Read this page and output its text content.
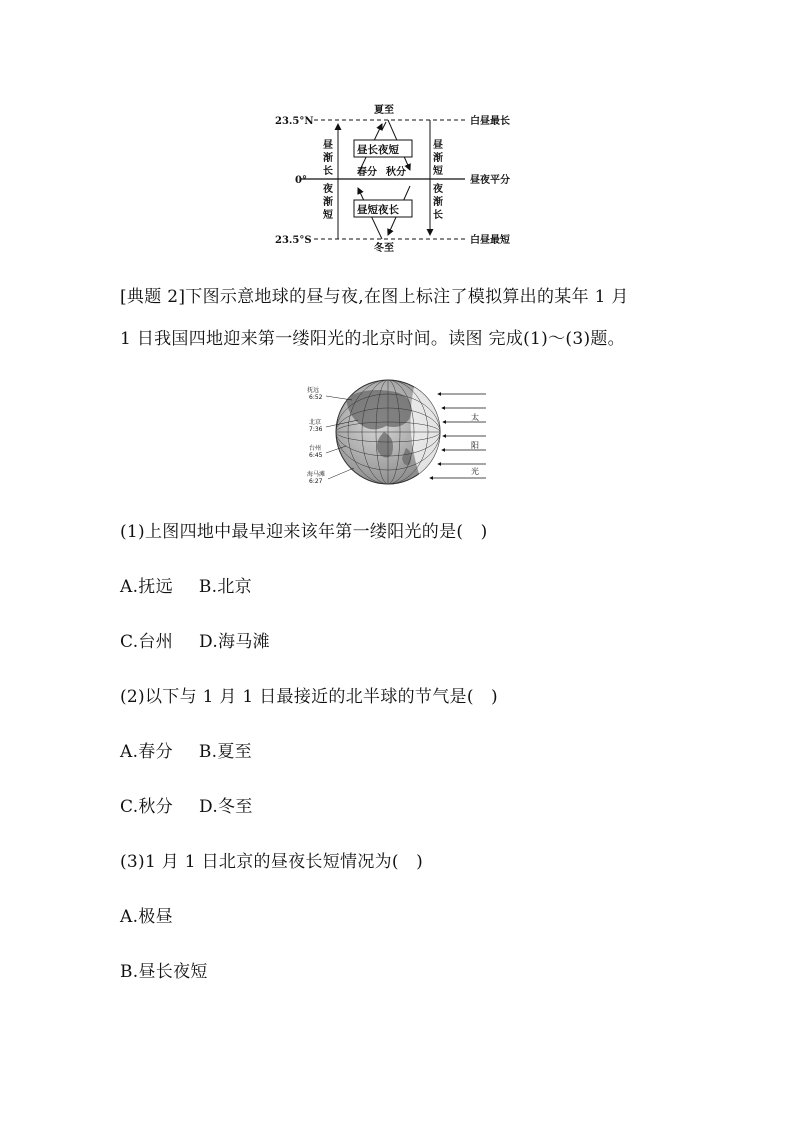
23.5°N
0°
23.5°S
夏至
冬至
昼长夜短
春分 秋分
昼短夜长
昼
渐
长
夜
渐
短
昼
渐
短
夜
渐
长
白昼最长
昼夜平分
白昼最短
[典题 2]下图示意地球的昼与夜,在图上标注了模拟算出的某年 1 月
1 日我国四地迎来第一缕阳光的北京时间。读图 完成(1)～(3)题。
抚远
6:52
北京
7:36
台州
6:45
海马滩
6:27
太
阳
光
(1)上图四地中最早迎来该年第一缕阳光的是(　)
A.抚远 B.北京
C.台州 D.海马滩
(2)以下与 1 月 1 日最接近的北半球的节气是(　)
A.春分 B.夏至
C.秋分 D.冬至
(3)1 月 1 日北京的昼夜长短情况为(　)
A.极昼
B.昼长夜短
